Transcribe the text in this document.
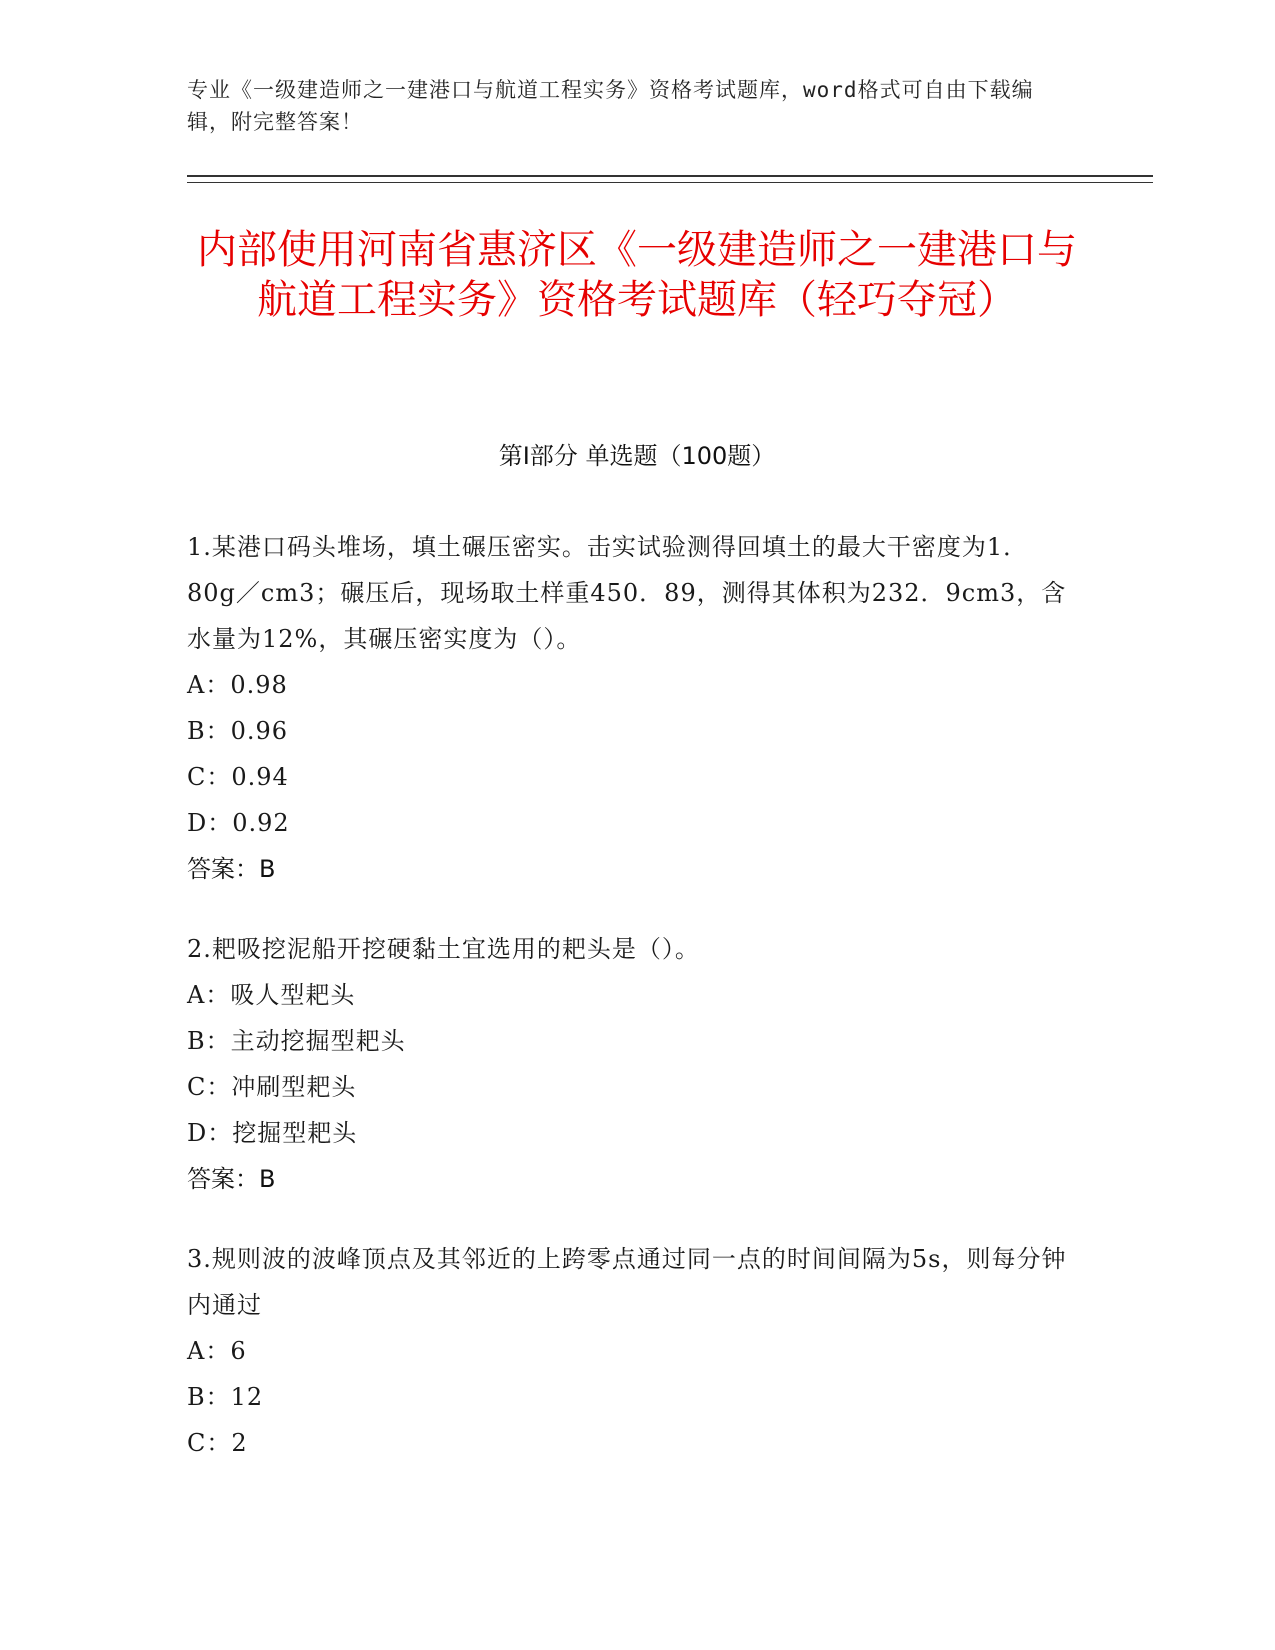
专业《一级建造师之一建港口与航道工程实务》资格考试题库，word格式可自由下载编辑，附完整答案！
内部使用河南省惠济区《一级建造师之一建港口与航道工程实务》资格考试题库（轻巧夺冠）
第Ⅰ部分 单选题（100题）
1.某港口码头堆场，填土碾压密实。击实试验测得回填土的最大干密度为1．80g／cm3；碾压后，现场取土样重450．89，测得其体积为232．9cm3，含水量为12%，其碾压密实度为（）。
A：0.98
B：0.96
C：0.94
D：0.92
答案：B
2.耙吸挖泥船开挖硬黏土宜选用的耙头是（）。
A：吸人型耙头
B：主动挖掘型耙头
C：冲刷型耙头
D：挖掘型耙头
答案：B
3.规则波的波峰顶点及其邻近的上跨零点通过同一点的时间间隔为5s，则每分钟内通过
A：6
B：12
C：2
